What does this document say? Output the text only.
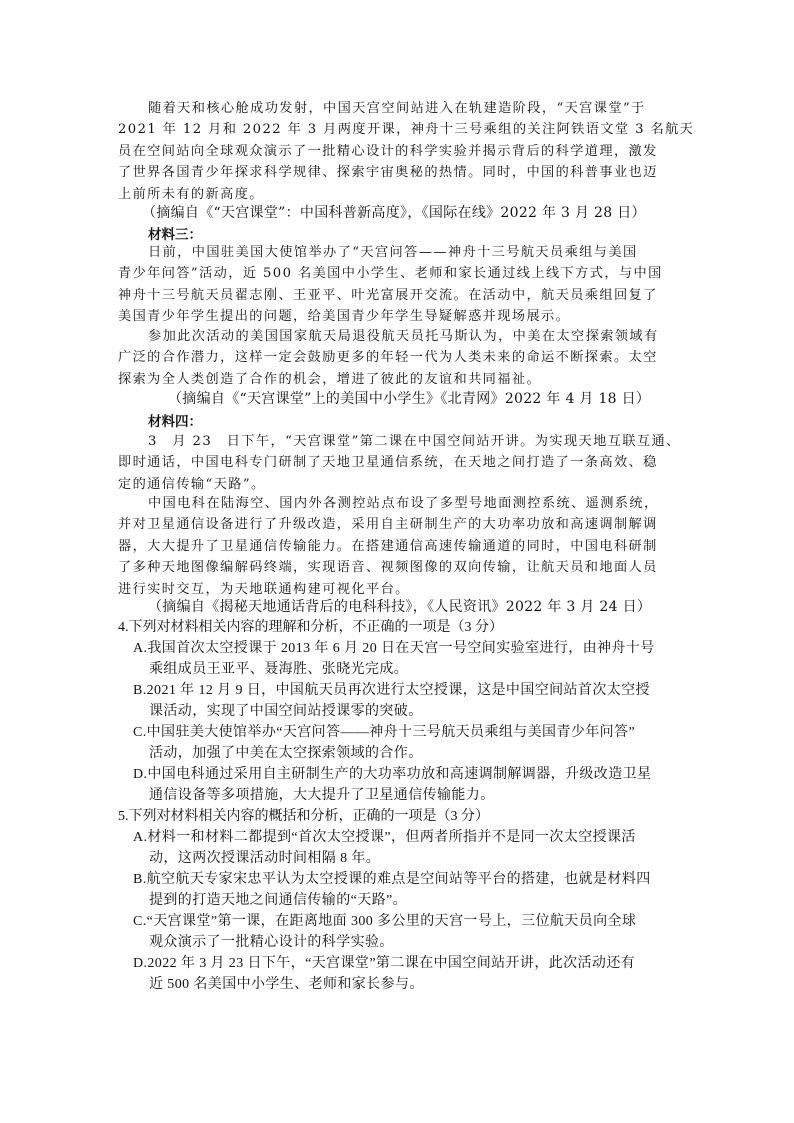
随着天和核心舱成功发射，中国天宫空间站进入在轨建造阶段，“天宫课堂”于
2021 年 12 月和 2022 年 3 月两度开课，神舟十三号乘组的关注阿铁语文堂 3 名航天
员在空间站向全球观众演示了一批精心设计的科学实验并揭示背后的科学道理，激发
了世界各国青少年探求科学规律、探索宇宙奥秘的热情。同时，中国的科普事业也迈
上前所未有的新高度。
（摘编自《“天宫课堂”：中国科普新高度》，《国际在线》2022 年 3 月 28 日）
材料三：
日前，中国驻美国大使馆举办了“天宫问答——神舟十三号航天员乘组与美国
青少年问答”活动，近 500 名美国中小学生、老师和家长通过线上线下方式，与中国
神舟十三号航天员翟志刚、王亚平、叶光富展开交流。在活动中，航天员乘组回复了
美国青少年学生提出的问题，给美国青少年学生导疑解惑并现场展示。
参加此次活动的美国国家航天局退役航天员托马斯认为，中美在太空探索领域有
广泛的合作潜力，这样一定会鼓励更多的年轻一代为人类未来的命运不断探索。太空
探索为全人类创造了合作的机会，增进了彼此的友谊和共同福祉。
（摘编自《“天宫课堂”上的美国中小学生》《北青网》2022 年 4 月 18 日）
材料四：
3　月 23　日下午，“天宫课堂”第二课在中国空间站开讲。为实现天地互联互通、
即时通话，中国电科专门研制了天地卫星通信系统，在天地之间打造了一条高效、稳
定的通信传输“天路”。
中国电科在陆海空、国内外各测控站点布设了多型号地面测控系统、遥测系统，
并对卫星通信设备进行了升级改造，采用自主研制生产的大功率功放和高速调制解调
器，大大提升了卫星通信传输能力。在搭建通信高速传输通道的同时，中国电科研制
了多种天地图像编解码终端，实现语音、视频图像的双向传输，让航天员和地面人员
进行实时交互，为天地联通构建可视化平台。
（摘编自《揭秘天地通话背后的电科科技》，《人民资讯》2022 年 3 月 24 日）
4.下列对材料相关内容的理解和分析，不正确的一项是（3 分）
A.我国首次太空授课于 2013 年 6 月 20 日在天宫一号空间实验室进行，由神舟十号
乘组成员王亚平、聂海胜、张晓光完成。
B.2021 年 12 月 9 日，中国航天员再次进行太空授课，这是中国空间站首次太空授
课活动，实现了中国空间站授课零的突破。
C.中国驻美大使馆举办“天宫问答——神舟十三号航天员乘组与美国青少年问答”
活动，加强了中美在太空探索领域的合作。
D.中国电科通过采用自主研制生产的大功率功放和高速调制解调器，升级改造卫星
通信设备等多项措施，大大提升了卫星通信传输能力。
5.下列对材料相关内容的概括和分析，正确的一项是（3 分）
A.材料一和材料二都提到“首次太空授课”，但两者所指并不是同一次太空授课活
动，这两次授课活动时间相隔 8 年。
B.航空航天专家宋忠平认为太空授课的难点是空间站等平台的搭建，也就是材料四
提到的打造天地之间通信传输的“天路”。
C.“天宫课堂”第一课，在距离地面 300 多公里的天宫一号上，三位航天员向全球
观众演示了一批精心设计的科学实验。
D.2022 年 3 月 23 日下午，“天宫课堂”第二课在中国空间站开讲，此次活动还有
近 500 名美国中小学生、老师和家长参与。
